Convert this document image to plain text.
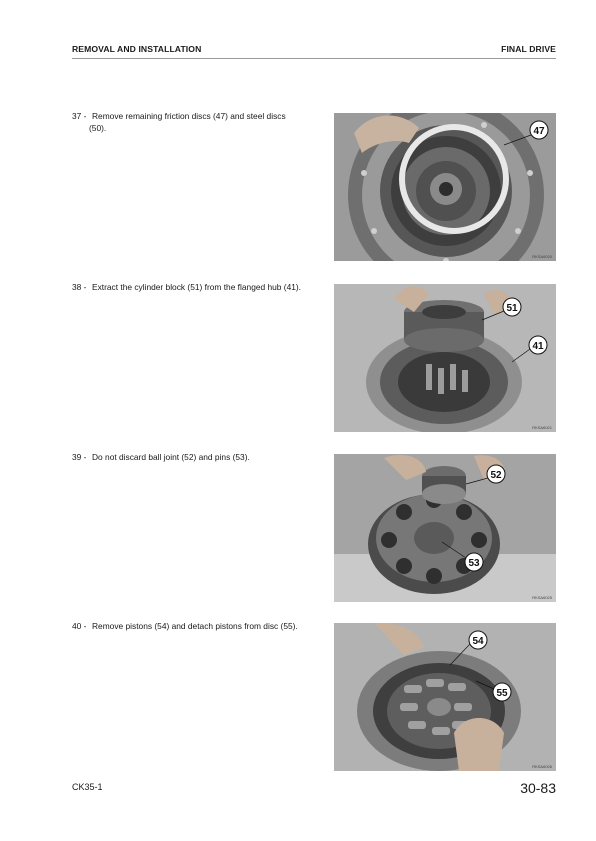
REMOVAL AND INSTALLATION	FINAL DRIVE
37 - Remove remaining friction discs (47) and steel discs
(50).	47
RKSA6020
38 - Extract the cylinder block (51) from the flanged hub (41).
51
41
RKSA6021
39 - Do not discard ball joint (52) and pins (53).
52
53
RKSA6025
40 - Remove pistons (54) and detach pistons from disc (55).
54
55
RKSA6026
CK35-1	30-83
